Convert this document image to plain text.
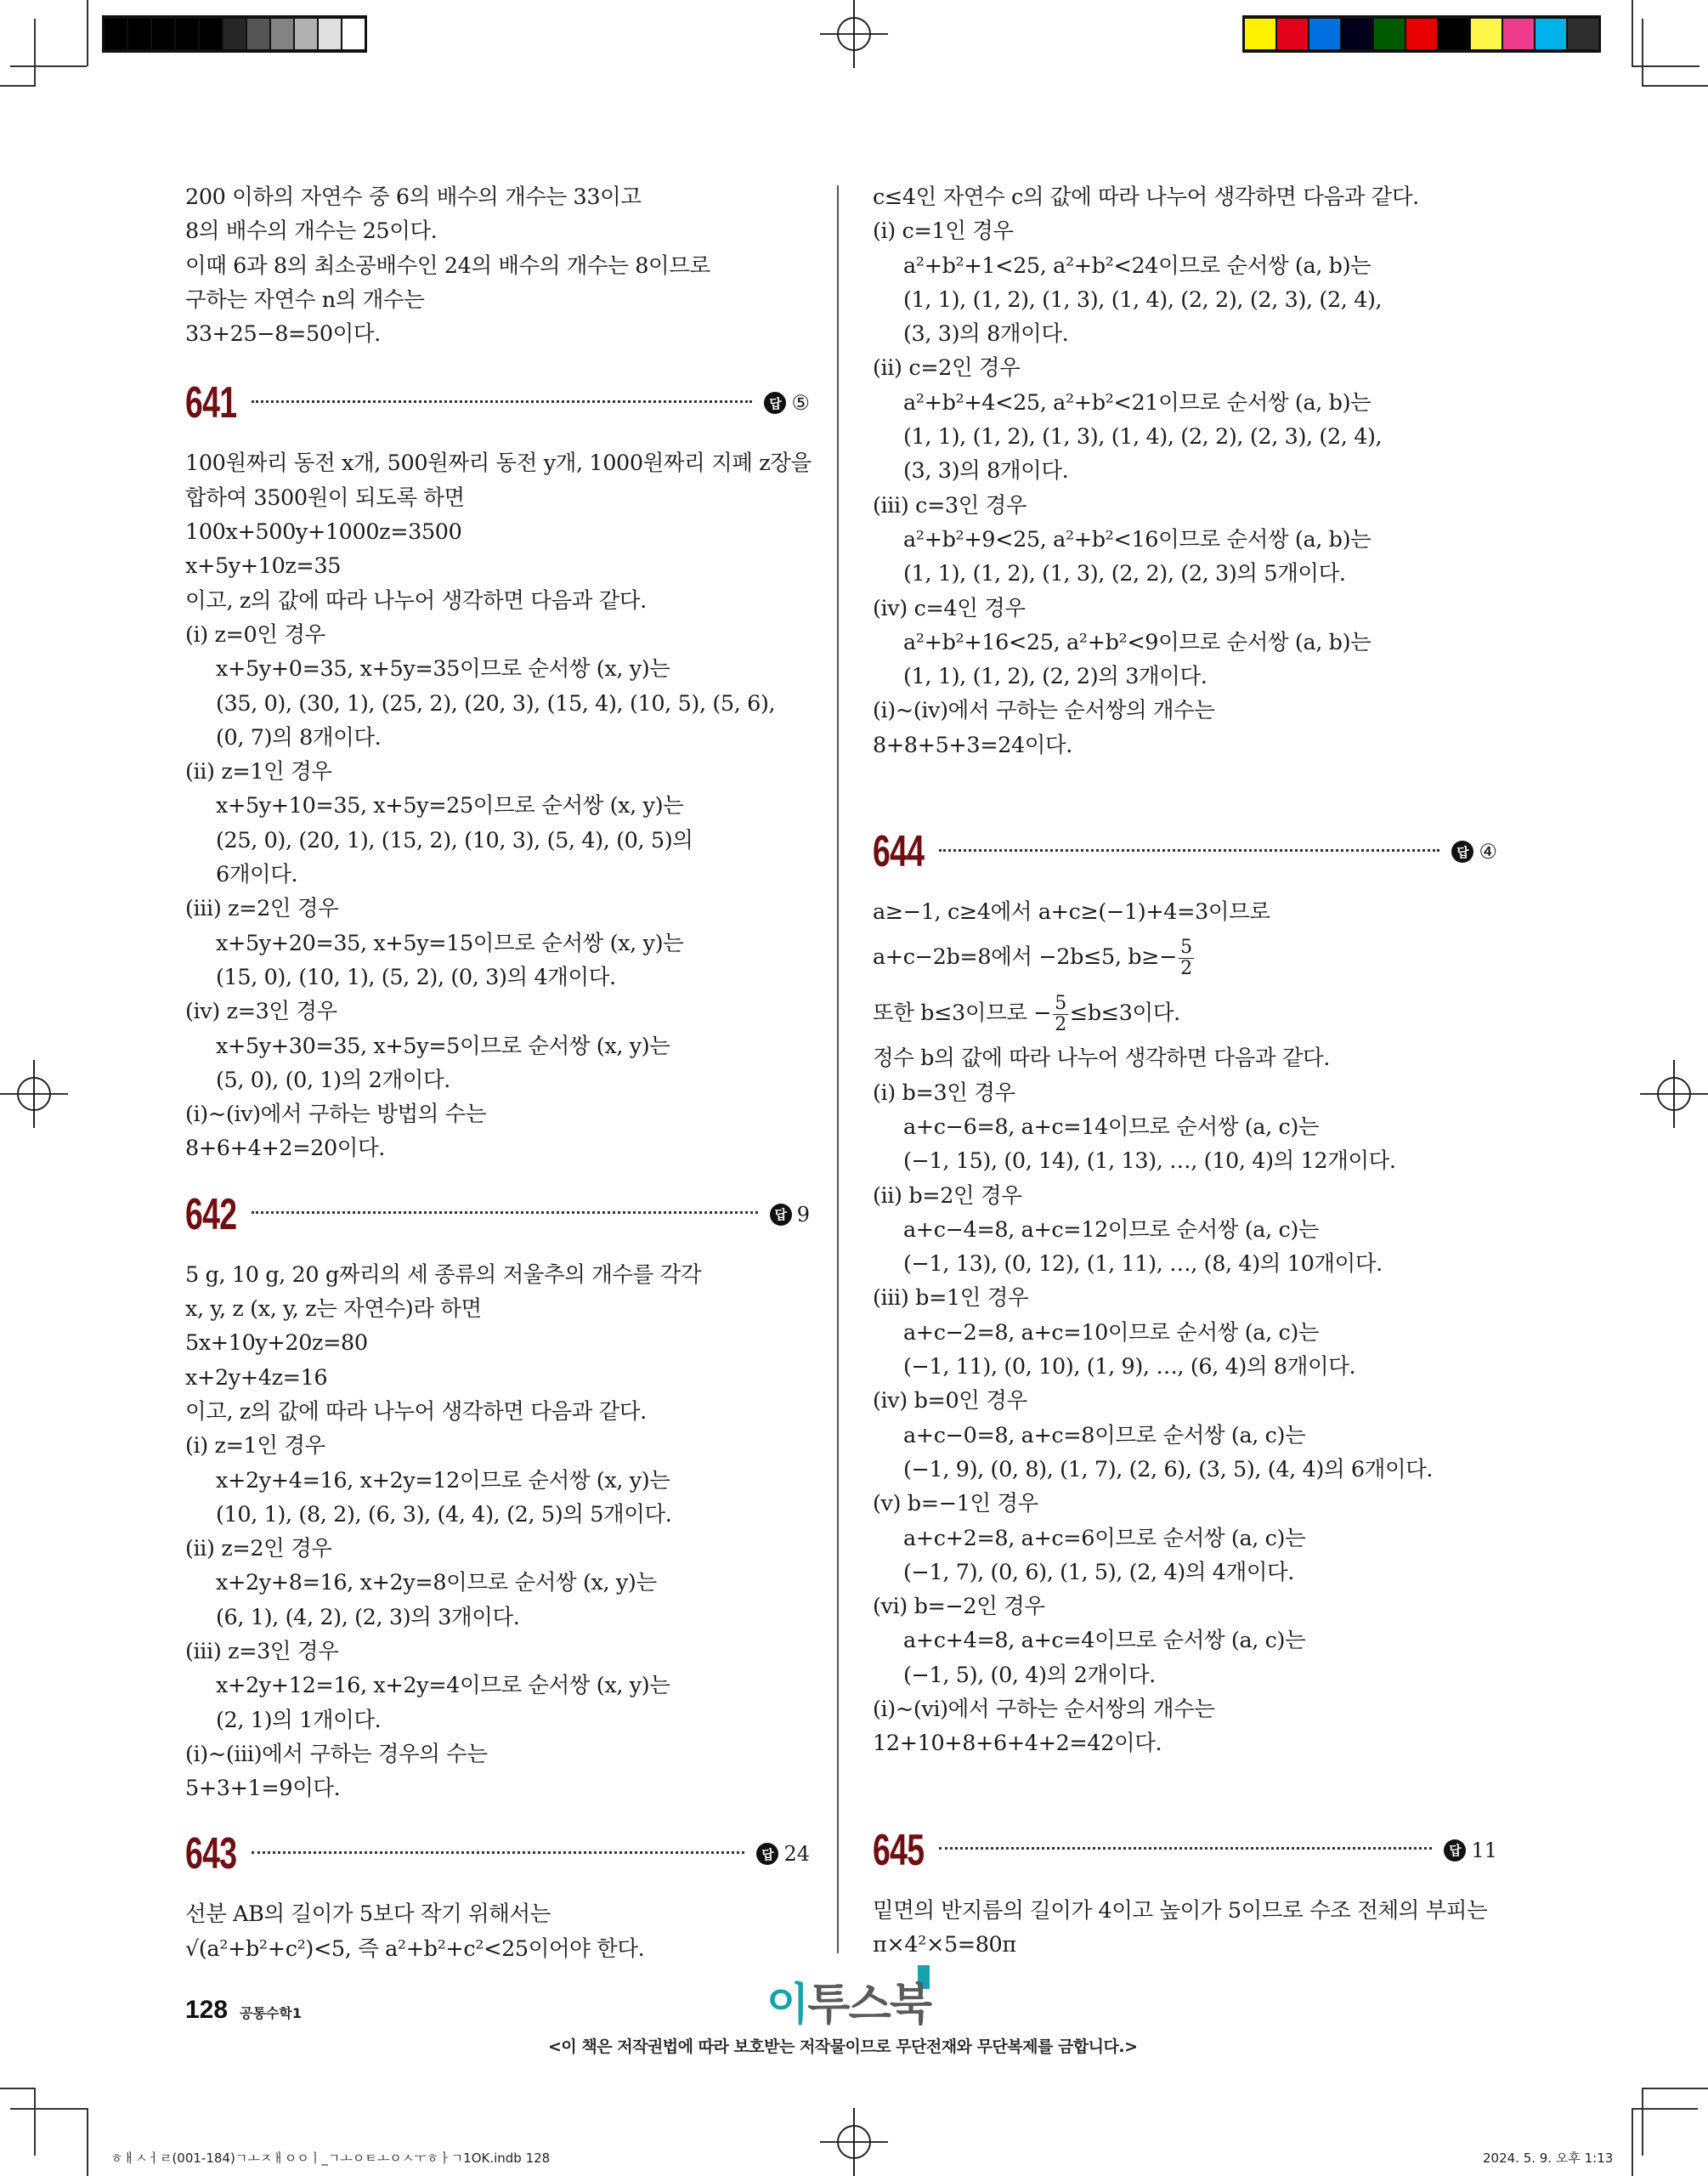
200 이하의 자연수 중 6의 배수의 개수는 33이고
8의 배수의 개수는 25이다.
이때 6과 8의 최소공배수인 24의 배수의 개수는 8이므로
구하는 자연수 n의 개수는
33+25−8=50이다.
641	답 ⑤
100원짜리 동전 x개, 500원짜리 동전 y개, 1000원짜리 지폐 z장을
합하여 3500원이 되도록 하면
100x+500y+1000z=3500
x+5y+10z=35
이고, z의 값에 따라 나누어 생각하면 다음과 같다.
(i) z=0인 경우
x+5y+0=35, x+5y=35이므로 순서쌍 (x, y)는
(35, 0), (30, 1), (25, 2), (20, 3), (15, 4), (10, 5), (5, 6),
(0, 7)의 8개이다.
(ii) z=1인 경우
x+5y+10=35, x+5y=25이므로 순서쌍 (x, y)는
(25, 0), (20, 1), (15, 2), (10, 3), (5, 4), (0, 5)의
6개이다.
(iii) z=2인 경우
x+5y+20=35, x+5y=15이므로 순서쌍 (x, y)는
(15, 0), (10, 1), (5, 2), (0, 3)의 4개이다.
(iv) z=3인 경우
x+5y+30=35, x+5y=5이므로 순서쌍 (x, y)는
(5, 0), (0, 1)의 2개이다.
(i)~(iv)에서 구하는 방법의 수는
8+6+4+2=20이다.
642	답 9
5 g, 10 g, 20 g짜리의 세 종류의 저울추의 개수를 각각
x, y, z (x, y, z는 자연수)라 하면
5x+10y+20z=80
x+2y+4z=16
이고, z의 값에 따라 나누어 생각하면 다음과 같다.
(i) z=1인 경우
x+2y+4=16, x+2y=12이므로 순서쌍 (x, y)는
(10, 1), (8, 2), (6, 3), (4, 4), (2, 5)의 5개이다.
(ii) z=2인 경우
x+2y+8=16, x+2y=8이므로 순서쌍 (x, y)는
(6, 1), (4, 2), (2, 3)의 3개이다.
(iii) z=3인 경우
x+2y+12=16, x+2y=4이므로 순서쌍 (x, y)는
(2, 1)의 1개이다.
(i)~(iii)에서 구하는 경우의 수는
5+3+1=9이다.
643	답 24
선분 AB의 길이가 5보다 작기 위해서는
√(a²+b²+c²)<5, 즉 a²+b²+c²<25이어야 한다.
c≤4인 자연수 c의 값에 따라 나누어 생각하면 다음과 같다.
(i) c=1인 경우
a²+b²+1<25, a²+b²<24이므로 순서쌍 (a, b)는
(1, 1), (1, 2), (1, 3), (1, 4), (2, 2), (2, 3), (2, 4),
(3, 3)의 8개이다.
(ii) c=2인 경우
a²+b²+4<25, a²+b²<21이므로 순서쌍 (a, b)는
(1, 1), (1, 2), (1, 3), (1, 4), (2, 2), (2, 3), (2, 4),
(3, 3)의 8개이다.
(iii) c=3인 경우
a²+b²+9<25, a²+b²<16이므로 순서쌍 (a, b)는
(1, 1), (1, 2), (1, 3), (2, 2), (2, 3)의 5개이다.
(iv) c=4인 경우
a²+b²+16<25, a²+b²<9이므로 순서쌍 (a, b)는
(1, 1), (1, 2), (2, 2)의 3개이다.
(i)~(iv)에서 구하는 순서쌍의 개수는
8+8+5+3=24이다.
644	답 ④
a≥−1, c≥4에서 a+c≥(−1)+4=3이므로
a+c−2b=8에서 −2b≤5, $b\ge- \frac{5}{2}$
또한 b≤3이므로 − $\frac{5}{2} \le b\le 3$이다.
정수 b의 값에 따라 나누어 생각하면 다음과 같다.
(i) b=3인 경우
a+c−6=8, a+c=14이므로 순서쌍 (a, c)는
(−1, 15), (0, 14), (1, 13), …, (10, 4)의 12개이다.
(ii) b=2인 경우
a+c−4=8, a+c=12이므로 순서쌍 (a, c)는
(−1, 13), (0, 12), (1, 11), …, (8, 4)의 10개이다.
(iii) b=1인 경우
a+c−2=8, a+c=10이므로 순서쌍 (a, c)는
(−1, 11), (0, 10), (1, 9), …, (6, 4)의 8개이다.
(iv) b=0인 경우
a+c−0=8, a+c=8이므로 순서쌍 (a, c)는
(−1, 9), (0, 8), (1, 7), (2, 6), (3, 5), (4, 4)의 6개이다.
(v) b=−1인 경우
a+c+2=8, a+c=6이므로 순서쌍 (a, c)는
(−1, 7), (0, 6), (1, 5), (2, 4)의 4개이다.
(vi) b=−2인 경우
a+c+4=8, a+c=4이므로 순서쌍 (a, c)는
(−1, 5), (0, 4)의 2개이다.
(i)~(vi)에서 구하는 순서쌍의 개수는
12+10+8+6+4+2=42이다.
645	답 11
밑면의 반지름의 길이가 4이고 높이가 5이므로 수조 전체의 부피는
π×4²×5=80π
128 공통수학1	이투스북
<이 책은 저작권법에 따라 보호받는 저작물이므로 무단전재와 무단복제를 금합니다.>
ㅎㅐㅅㅓㄹ(001-184)ㄱㅗㅈㅐㅇㅇㅣ_ㄱㅗㅇㅌㅗㅇㅅㅜㅎㅏㄱ1OK.indb 128	2024. 5. 9. 오후 1:13
